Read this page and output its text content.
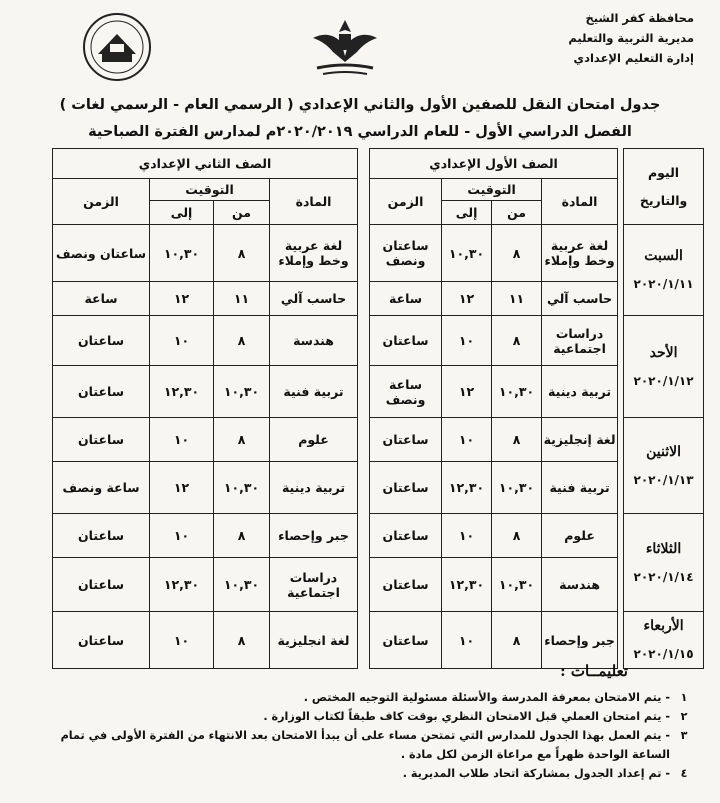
محافظة كفر الشيخ
مديرية التربية والتعليم
إدارة التعليم الإعدادي
جدول امتحان النقل للصفين الأول والثاني الإعدادي ( الرسمي العام - الرسمي لغات )
الفصل الدراسي الأول - للعام الدراسي ٢٠٢٠/٢٠١٩م لمدارس الفترة الصباحية
اليوم والتاريخ		الصف الأول الإعدادي					الصف الثاني الإعدادي			
		المادة	التوقيت		الزمن		المادة	التوقيت		الزمن
			من	إلى				من	إلى	

السبت
٢٠٢٠/١/١١		لغة عربية وخط وإملاء	٨	١٠,٣٠	ساعتان ونصف		لغة عربية وخط وإملاء	٨	١٠,٣٠	ساعتان ونصف
		حاسب آلي	١١	١٢	ساعة		حاسب آلي	١١	١٢	ساعة

الأحد
٢٠٢٠/١/١٢		دراسات اجتماعية	٨	١٠	ساعتان		هندسة	٨	١٠	ساعتان
		تربية دينية	١٠,٣٠	١٢	ساعة ونصف		تربية فنية	١٠,٣٠	١٢,٣٠	ساعتان

الاثنين
٢٠٢٠/١/١٣		لغة إنجليزية	٨	١٠	ساعتان		علوم	٨	١٠	ساعتان
		تربية فنية	١٠,٣٠	١٢,٣٠	ساعتان		تربية دينية	١٠,٣٠	١٢	ساعة ونصف

الثلاثاء
٢٠٢٠/١/١٤		علوم	٨	١٠	ساعتان		جبر وإحصاء	٨	١٠	ساعتان
		هندسة	١٠,٣٠	١٢,٣٠	ساعتان		دراسات اجتماعية	١٠,٣٠	١٢,٣٠	ساعتان

الأربعاء
٢٠٢٠/١/١٥		جبر وإحصاء	٨	١٠	ساعتان		لغة انجليزية	٨	١٠	ساعتان
تعليمــات :
١
- يتم الامتحان بمعرفة المدرسة والأسئلة مسئولية التوجيه المختص .
٢
- يتم امتحان العملي قبل الامتحان النظري بوقت كاف طبقاً لكتاب الوزارة .
٣
- يتم العمل بهذا الجدول للمدارس التي تمتحن مساء على أن يبدأ الامتحان بعد الانتهاء من الفترة الأولى في تمام الساعة الواحدة ظهراً مع مراعاة الزمن لكل مادة .
٤
- تم إعداد الجدول بمشاركة اتحاد طلاب المديرية .
